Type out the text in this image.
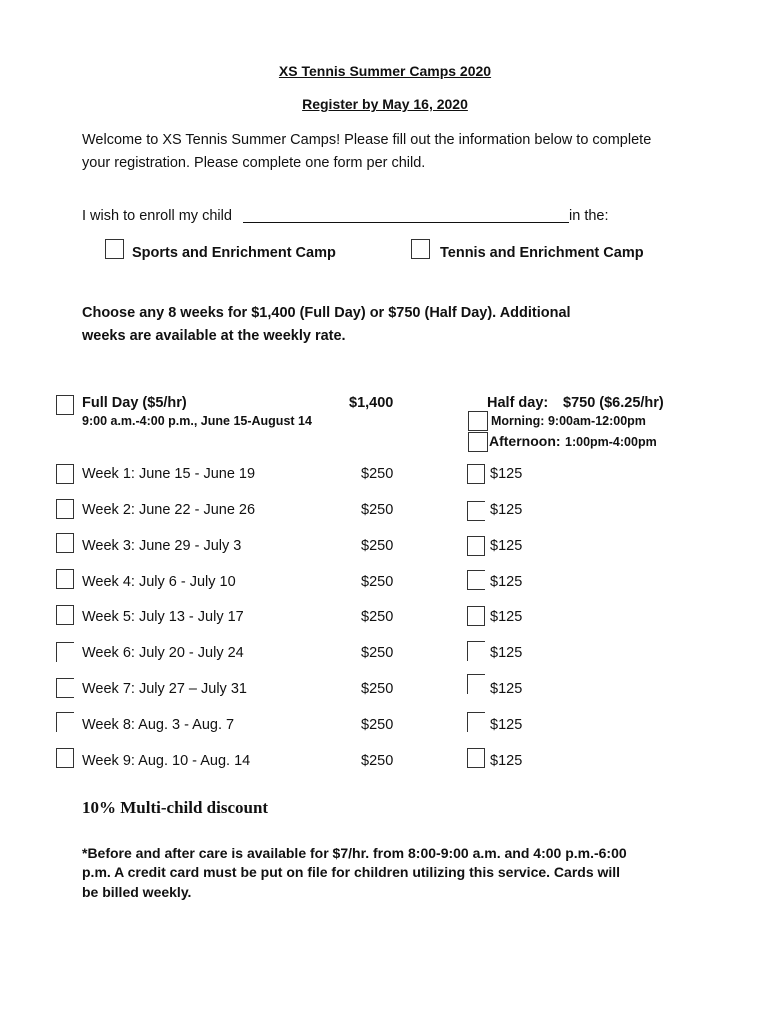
XS Tennis Summer Camps 2020
Register by May 16, 2020
Welcome to XS Tennis Summer Camps! Please fill out the information below to complete
your registration. Please complete one form per child.
I wish to enroll my child	in the:
Sports and Enrichment Camp	Tennis and Enrichment Camp
Choose any 8 weeks for $1,400 (Full Day) or $750 (Half Day). Additional
weeks are available at the weekly rate.
Full Day ($5/hr)
9:00 a.m.-4:00 p.m., June 15-August 14
$1,400	Half day: $750 ($6.25/hr)
Morning: 9:00am-12:00pm
Afternoon: 1:00pm-4:00pm
Week 1: June 15 - June 19	$250	$125
Week 2: June 22 - June 26	$250	$125
Week 3: June 29 - July 3	$250	$125
Week 4: July 6 - July 10	$250	$125
Week 5: July 13 - July 17	$250	$125
Week 6: July 20 - July 24	$250	$125
Week 7: July 27 – July 31	$250	$125
Week 8: Aug. 3 - Aug. 7	$250	$125
Week 9: Aug. 10 - Aug. 14	$250	$125
10% Multi-child discount
*Before and after care is available for $7/hr. from 8:00-9:00 a.m. and 4:00 p.m.-6:00
p.m. A credit card must be put on file for children utilizing this service. Cards will
be billed weekly.
